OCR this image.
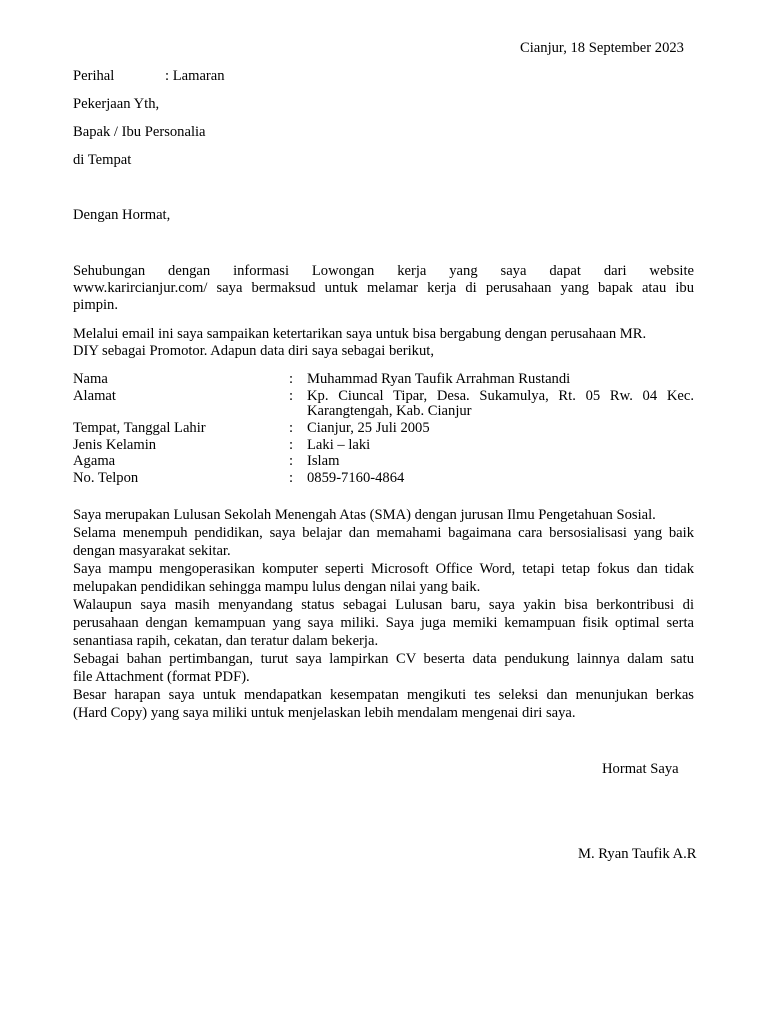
Cianjur, 18 September 2023
Perihal	: Lamaran
Pekerjaan Yth,
Bapak / Ibu Personalia
di Tempat
Dengan Hormat,

Sehubungan dengan informasi Lowongan kerja yang saya dapat dari website

www.karircianjur.com/ saya bermaksud untuk melamar kerja di perusahaan yang bapak atau ibu

pimpin.

Melalui email ini saya sampaikan ketertarikan saya untuk bisa bergabung dengan perusahaan MR.

DIY sebagai Promotor. Adapun data diri saya sebagai berikut,

Nama	: Muhammad Ryan Taufik Arrahman Rustandi
Alamat	: Kp. Ciuncal Tipar, Desa. Sukamulya, Rt. 05 Rw. 04 Kec.
Karangtengah, Kab. Cianjur
Tempat, Tanggal Lahir	: Cianjur, 25 Juli 2005
Jenis Kelamin	: Laki – laki
Agama	: Islam
No. Telpon	: 0859-7160-4864

Saya merupakan Lulusan Sekolah Menengah Atas (SMA) dengan jurusan Ilmu Pengetahuan Sosial.

Selama menempuh pendidikan, saya belajar dan memahami bagaimana cara bersosialisasi yang baik

dengan masyarakat sekitar.

Saya mampu mengoperasikan komputer seperti Microsoft Office Word, tetapi tetap fokus dan tidak

melupakan pendidikan sehingga mampu lulus dengan nilai yang baik.

Walaupun saya masih menyandang status sebagai Lulusan baru, saya yakin bisa berkontribusi di

perusahaan dengan kemampuan yang saya miliki. Saya juga memiki kemampuan fisik optimal serta

senantiasa rapih, cekatan, dan teratur dalam bekerja.

Sebagai bahan pertimbangan, turut saya lampirkan CV beserta data pendukung lainnya dalam satu

file Attachment (format PDF).

Besar harapan saya untuk mendapatkan kesempatan mengikuti tes seleksi dan menunjukan berkas

(Hard Copy) yang saya miliki untuk menjelaskan lebih mendalam mengenai diri saya.

Hormat Saya
M. Ryan Taufik A.R
